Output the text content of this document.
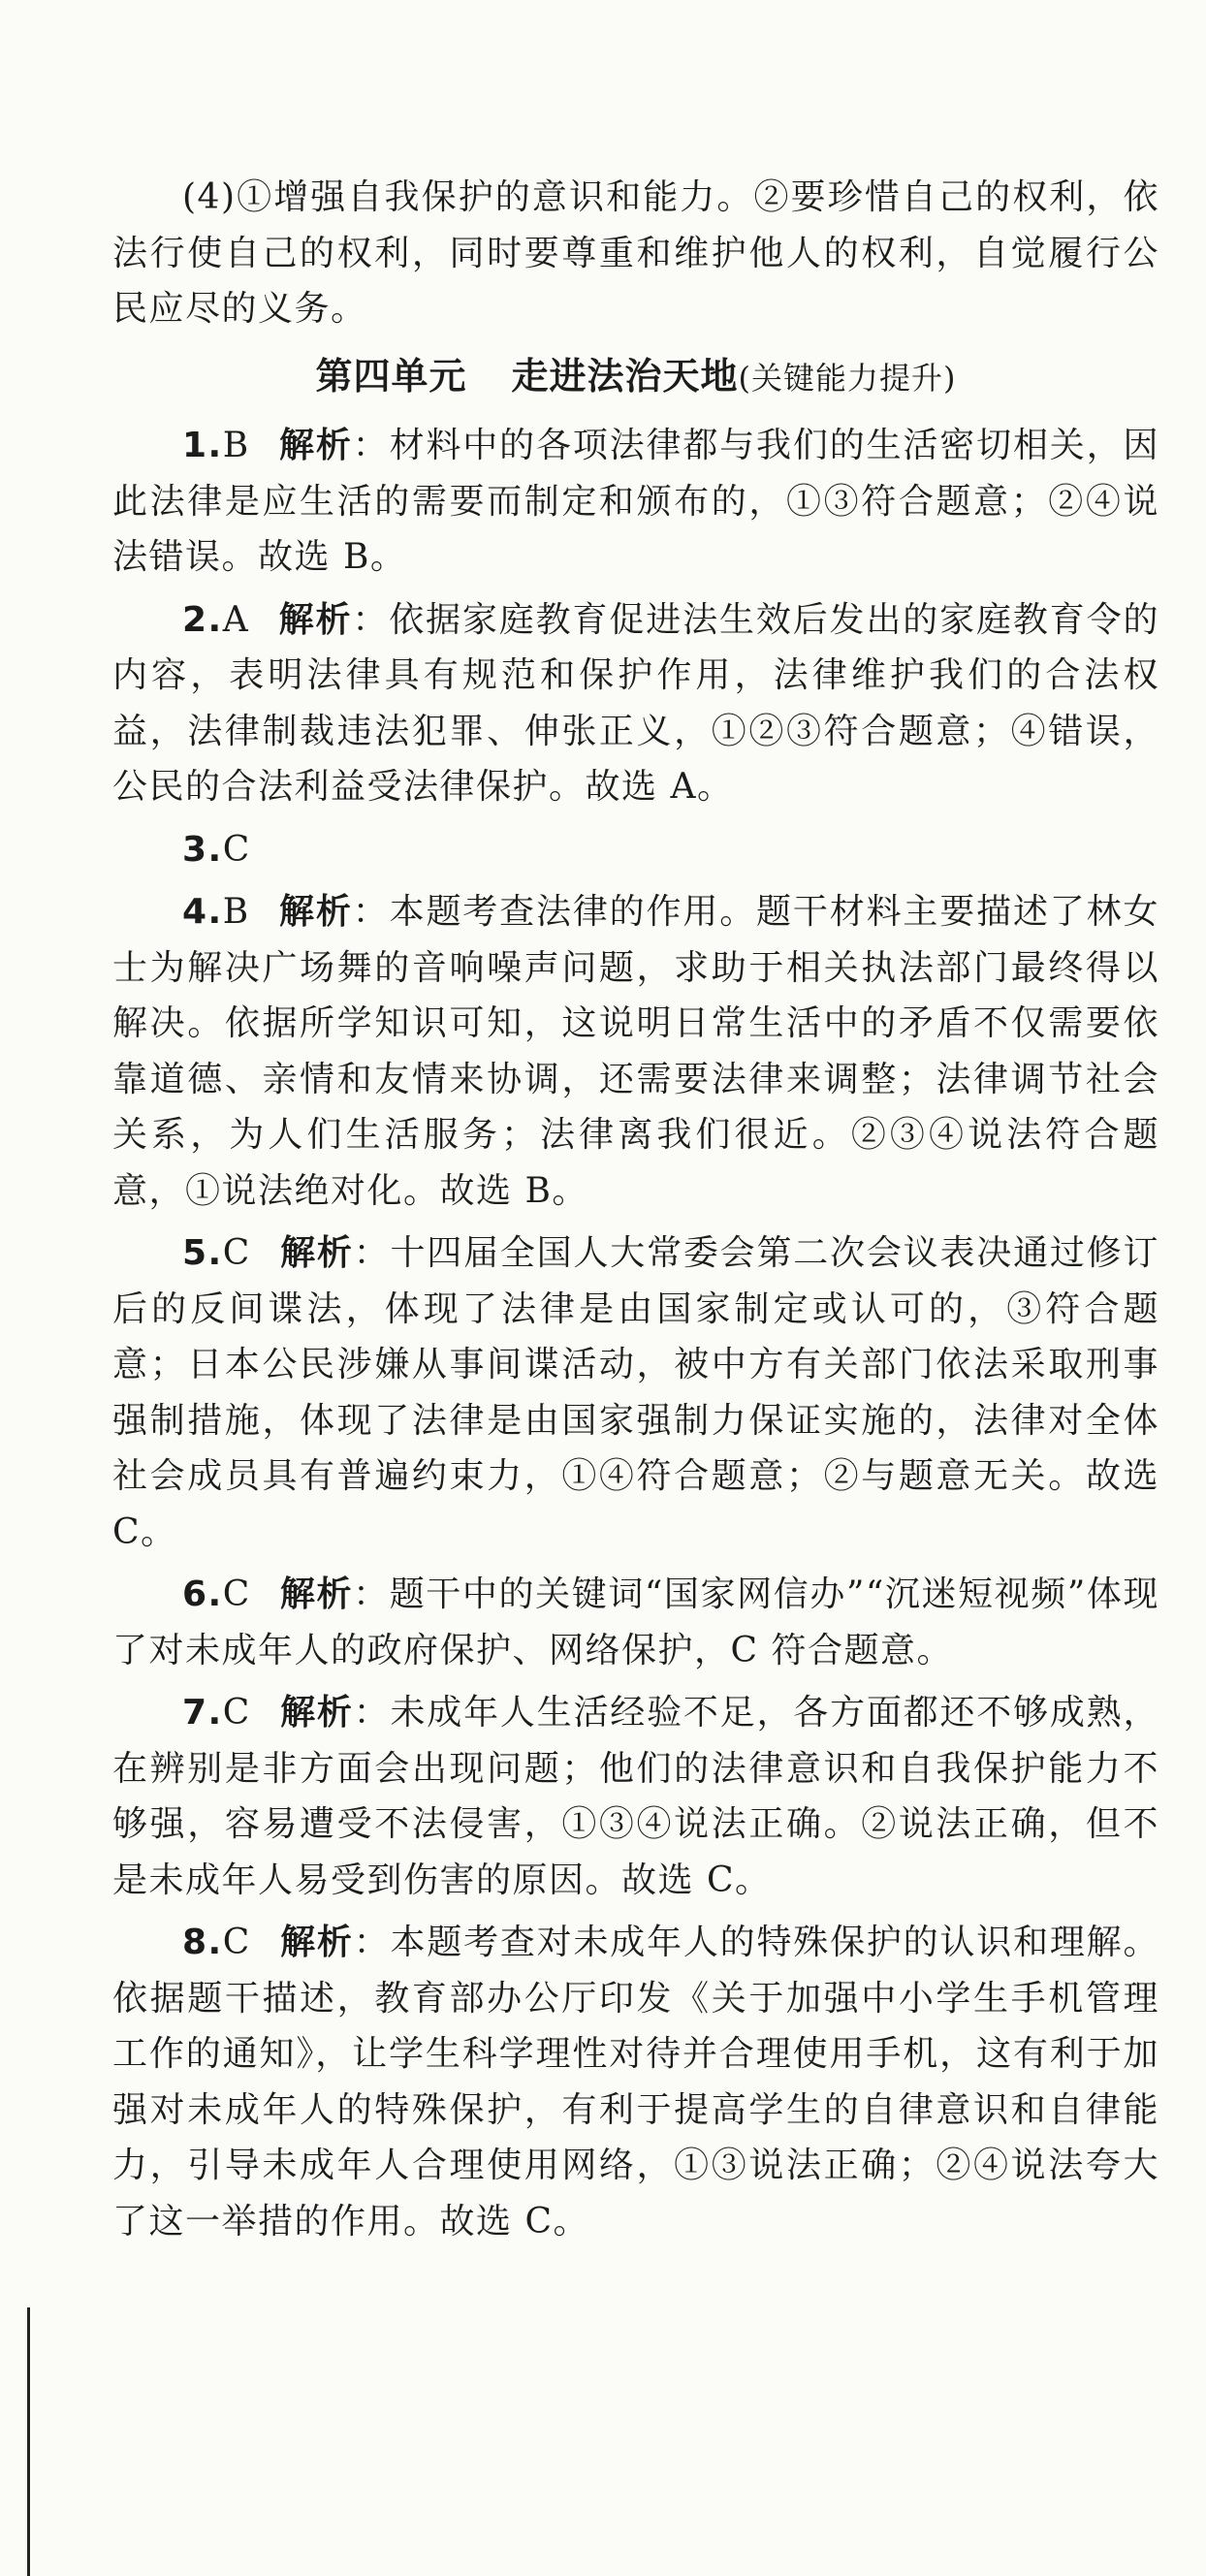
(4)①增强自我保护的意识和能力。②要珍惜自己的权利，依法行使自己的权利，同时要尊重和维护他人的权利，自觉履行公民应尽的义务。

第四单元 走进法治天地(关键能力提升)

1.B 解析：材料中的各项法律都与我们的生活密切相关，因此法律是应生活的需要而制定和颁布的，①③符合题意；②④说法错误。故选 B。

2.A 解析：依据家庭教育促进法生效后发出的家庭教育令的内容，表明法律具有规范和保护作用，法律维护我们的合法权益，法律制裁违法犯罪、伸张正义，①②③符合题意；④错误，公民的合法利益受法律保护。故选 A。

3.C

4.B 解析：本题考查法律的作用。题干材料主要描述了林女士为解决广场舞的音响噪声问题，求助于相关执法部门最终得以解决。依据所学知识可知，这说明日常生活中的矛盾不仅需要依靠道德、亲情和友情来协调，还需要法律来调整；法律调节社会关系，为人们生活服务；法律离我们很近。②③④说法符合题意，①说法绝对化。故选 B。

5.C 解析：十四届全国人大常委会第二次会议表决通过修订后的反间谍法，体现了法律是由国家制定或认可的，③符合题意；日本公民涉嫌从事间谍活动，被中方有关部门依法采取刑事强制措施，体现了法律是由国家强制力保证实施的，法律对全体社会成员具有普遍约束力，①④符合题意；②与题意无关。故选 C。

6.C 解析：题干中的关键词“国家网信办”“沉迷短视频”体现了对未成年人的政府保护、网络保护，C 符合题意。

7.C 解析：未成年人生活经验不足，各方面都还不够成熟，在辨别是非方面会出现问题；他们的法律意识和自我保护能力不够强，容易遭受不法侵害，①③④说法正确。②说法正确，但不是未成年人易受到伤害的原因。故选 C。

8.C 解析：本题考查对未成年人的特殊保护的认识和理解。依据题干描述，教育部办公厅印发《关于加强中小学生手机管理工作的通知》，让学生科学理性对待并合理使用手机，这有利于加强对未成年人的特殊保护，有利于提高学生的自律意识和自律能力，引导未成年人合理使用网络，①③说法正确；②④说法夸大了这一举措的作用。故选 C。
